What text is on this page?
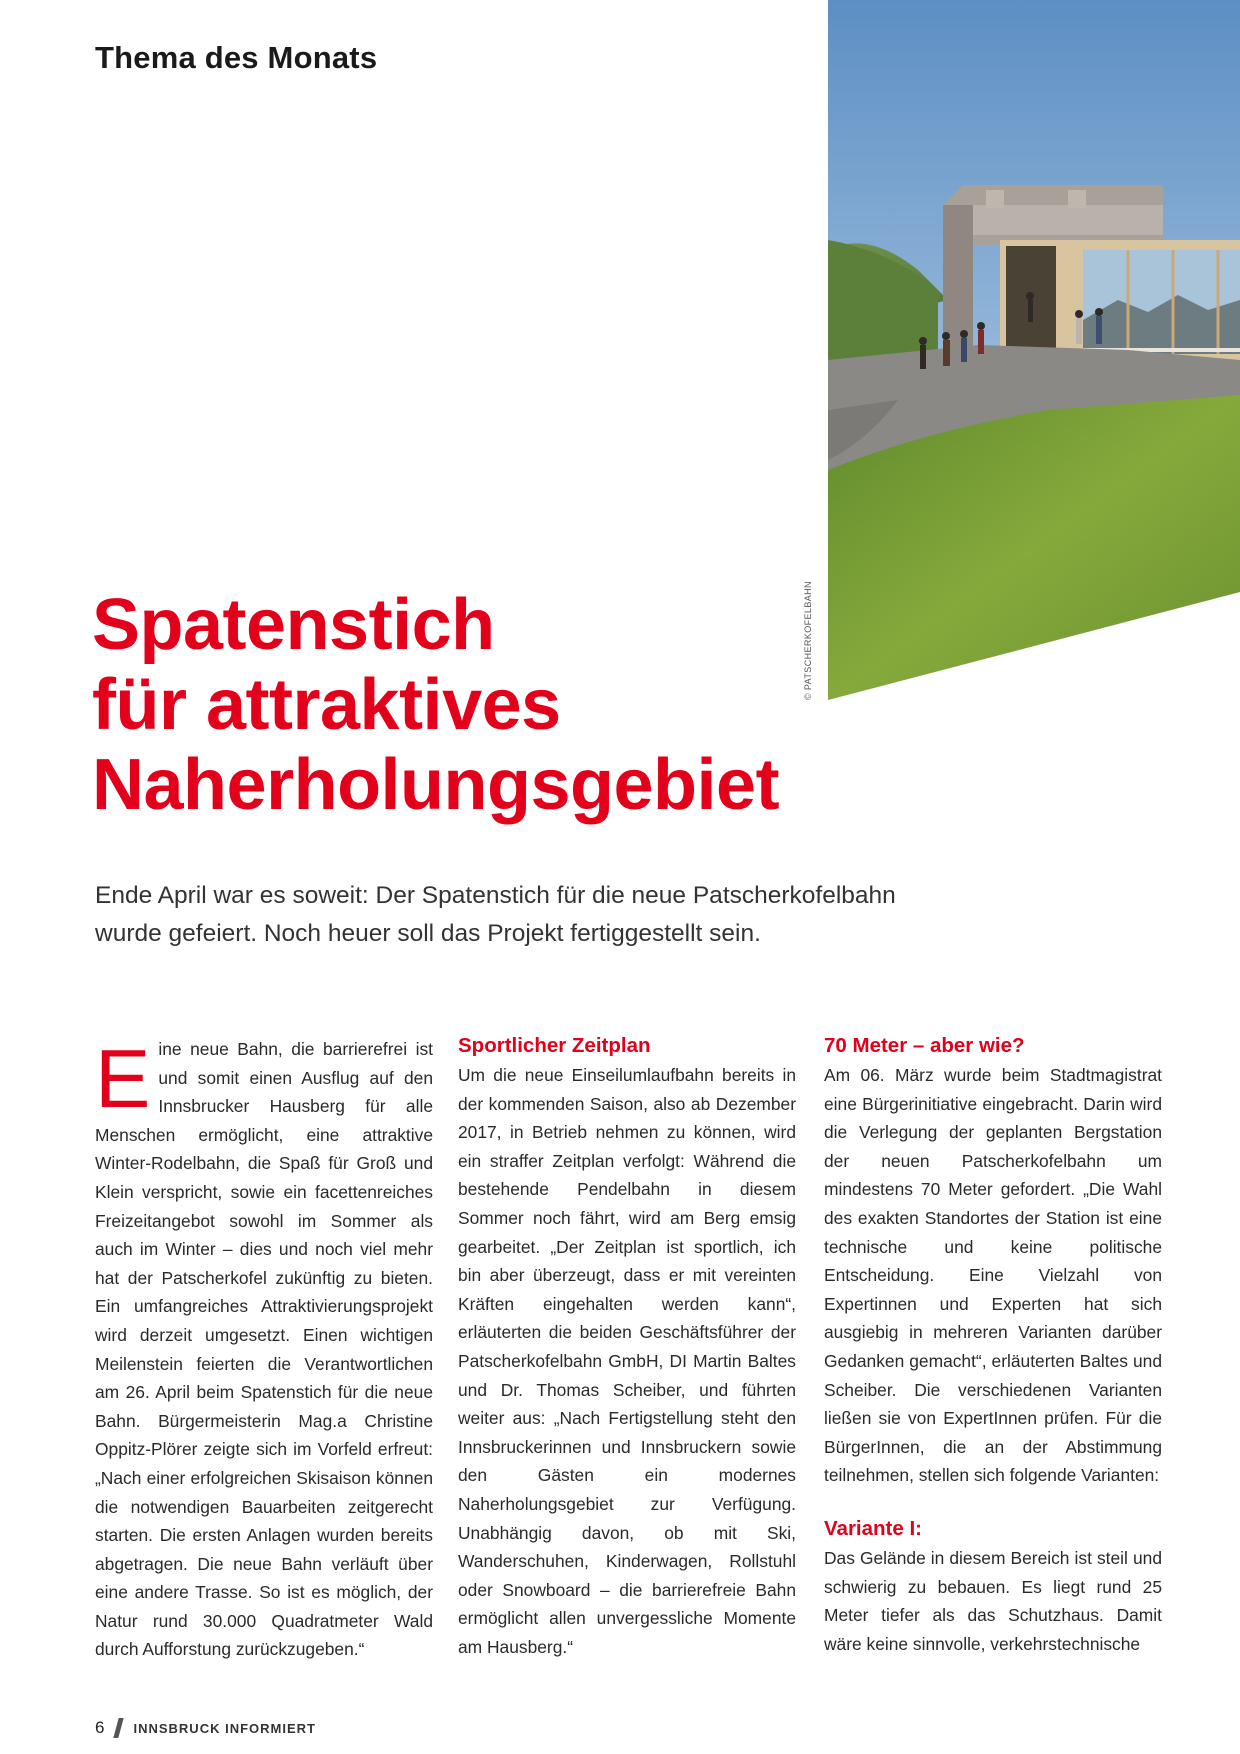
Thema des Monats
© PATSCHERKOFELBAHN
Spatenstich
für attraktives
Naherholungsgebiet

Ende April war es soweit: Der Spatenstich für die neue Patscherkofelbahn wurde gefeiert. Noch heuer soll das Projekt fertiggestellt sein.

E ine neue Bahn, die barrierefrei ist und somit einen Ausflug auf den Innsbrucker Hausberg für alle Menschen ermöglicht, eine attraktive Winter-Rodelbahn, die Spaß für Groß und Klein verspricht, sowie ein facettenreiches Freizeitangebot sowohl im Sommer als auch im Winter – dies und noch viel mehr hat der Patscherkofel zukünftig zu bieten. Ein umfangreiches Attraktivierungsprojekt wird derzeit umgesetzt. Einen wichtigen Meilenstein feierten die Verantwortlichen am 26. April beim Spatenstich für die neue Bahn. Bürgermeisterin Mag.a Christine Oppitz-Plörer zeigte sich im Vorfeld erfreut: „Nach einer erfolgreichen Skisaison können die notwendigen Bauarbeiten zeitgerecht starten. Die ersten Anlagen wurden bereits abgetragen. Die neue Bahn verläuft über eine andere Trasse. So ist es möglich, der Natur rund 30.000 Quadratmeter Wald durch Aufforstung zurückzugeben.“

Sportlicher Zeitplan

Um die neue Einseilumlaufbahn bereits in der kommenden Saison, also ab Dezember 2017, in Betrieb nehmen zu können, wird ein straffer Zeitplan verfolgt: Während die bestehende Pendelbahn in diesem Sommer noch fährt, wird am Berg emsig gearbeitet. „Der Zeitplan ist sportlich, ich bin aber überzeugt, dass er mit vereinten Kräften eingehalten werden kann“, erläuterten die beiden Geschäftsführer der Patscherkofelbahn GmbH, DI Martin Baltes und Dr. Thomas Scheiber, und führten weiter aus: „Nach Fertigstellung steht den Innsbruckerinnen und Innsbruckern sowie den Gästen ein modernes Naherholungsgebiet zur Verfügung. Unabhängig davon, ob mit Ski, Wanderschuhen, Kinderwagen, Rollstuhl oder Snowboard – die barrierefreie Bahn ermöglicht allen unvergessliche Momente am Hausberg.“

70 Meter – aber wie?

Am 06. März wurde beim Stadtmagistrat eine Bürgerinitiative eingebracht. Darin wird die Verlegung der geplanten Bergstation der neuen Patscherkofelbahn um mindestens 70 Meter gefordert. „Die Wahl des exakten Standortes der Station ist eine technische und keine politische Entscheidung. Eine Vielzahl von Expertinnen und Experten hat sich ausgiebig in mehreren Varianten darüber Gedanken gemacht“, erläuterten Baltes und Scheiber. Die verschiedenen Varianten ließen sie von ExpertInnen prüfen. Für die BürgerInnen, die an der Abstimmung teilnehmen, stellen sich folgende Varianten:

Variante I:

Das Gelände in diesem Bereich ist steil und schwierig zu bebauen. Es liegt rund 25 Meter tiefer als das Schutzhaus. Damit wäre keine sinnvolle, verkehrstechnische

6 INNSBRUCK INFORMIERT
